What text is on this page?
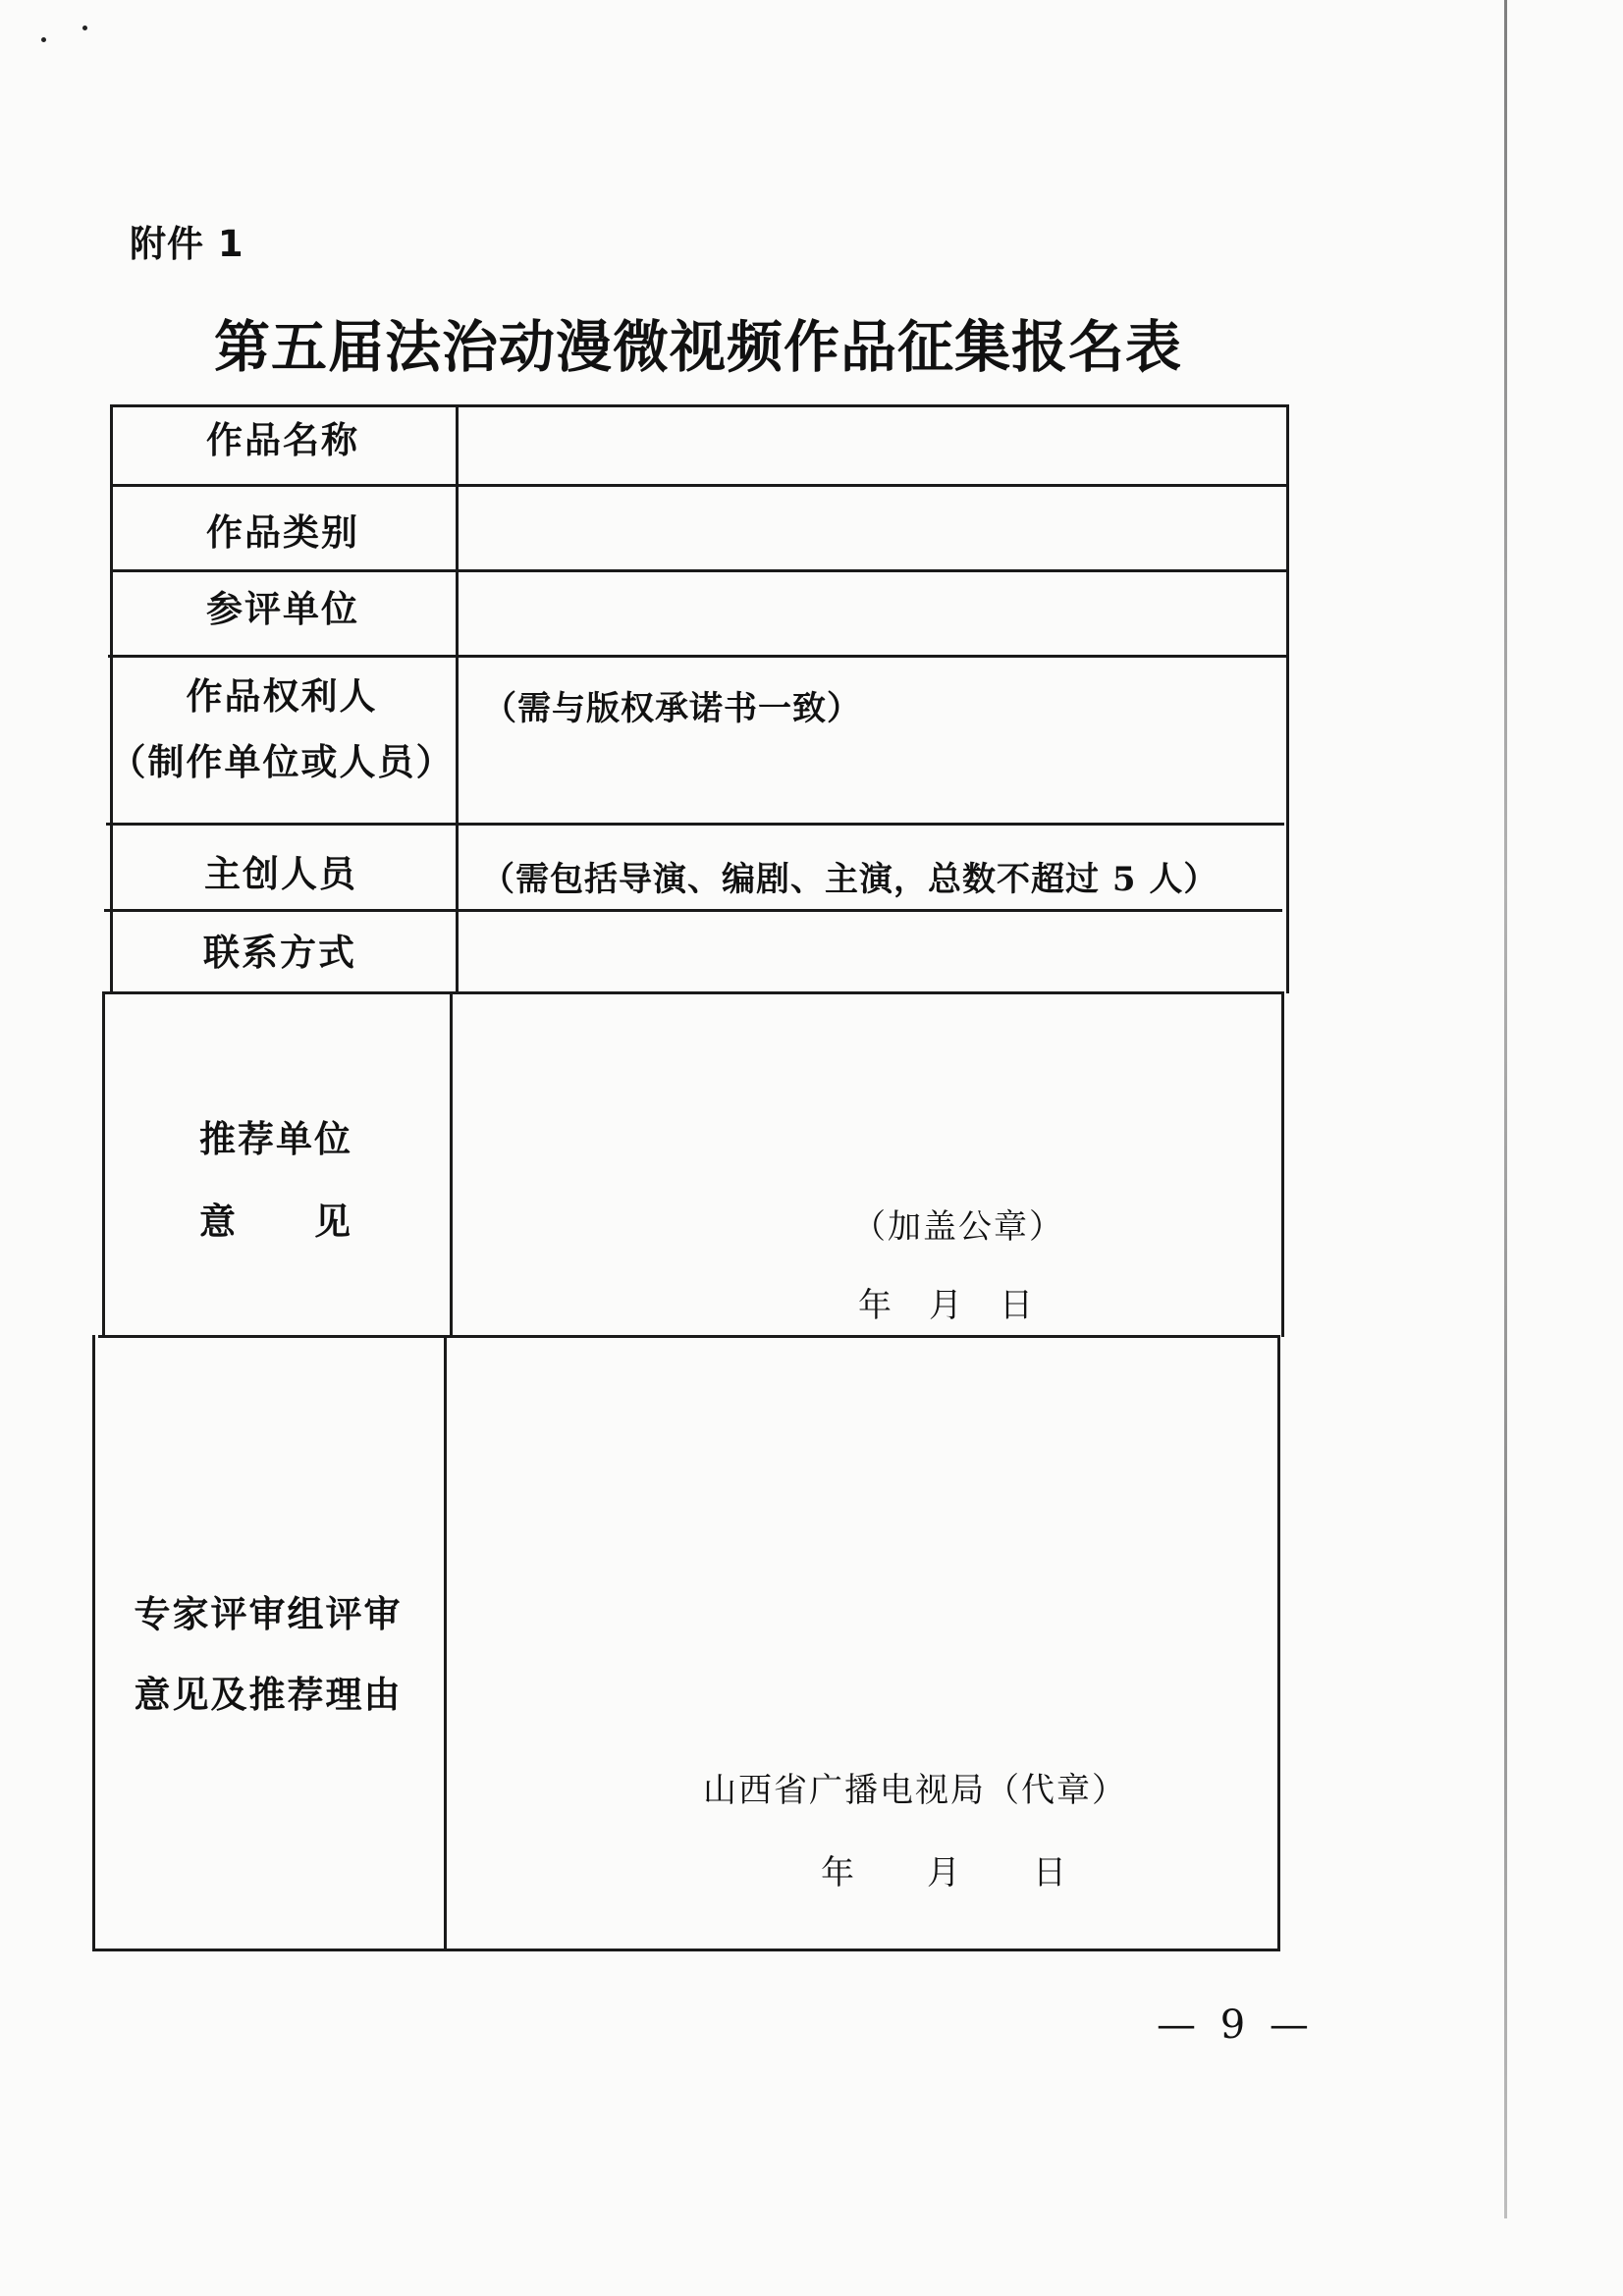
附件 1
第五届法治动漫微视频作品征集报名表
作品名称
作品类别
参评单位
作品权利人
（制作单位或人员）
（需与版权承诺书一致）
主创人员	（需包括导演、编剧、主演，总数不超过 5 人）
联系方式
推荐单位
意　　见	（加盖公章）
年　月　日
专家评审组评审
意见及推荐理由
山西省广播电视局（代章）
年　　月　　日
— 9 —
